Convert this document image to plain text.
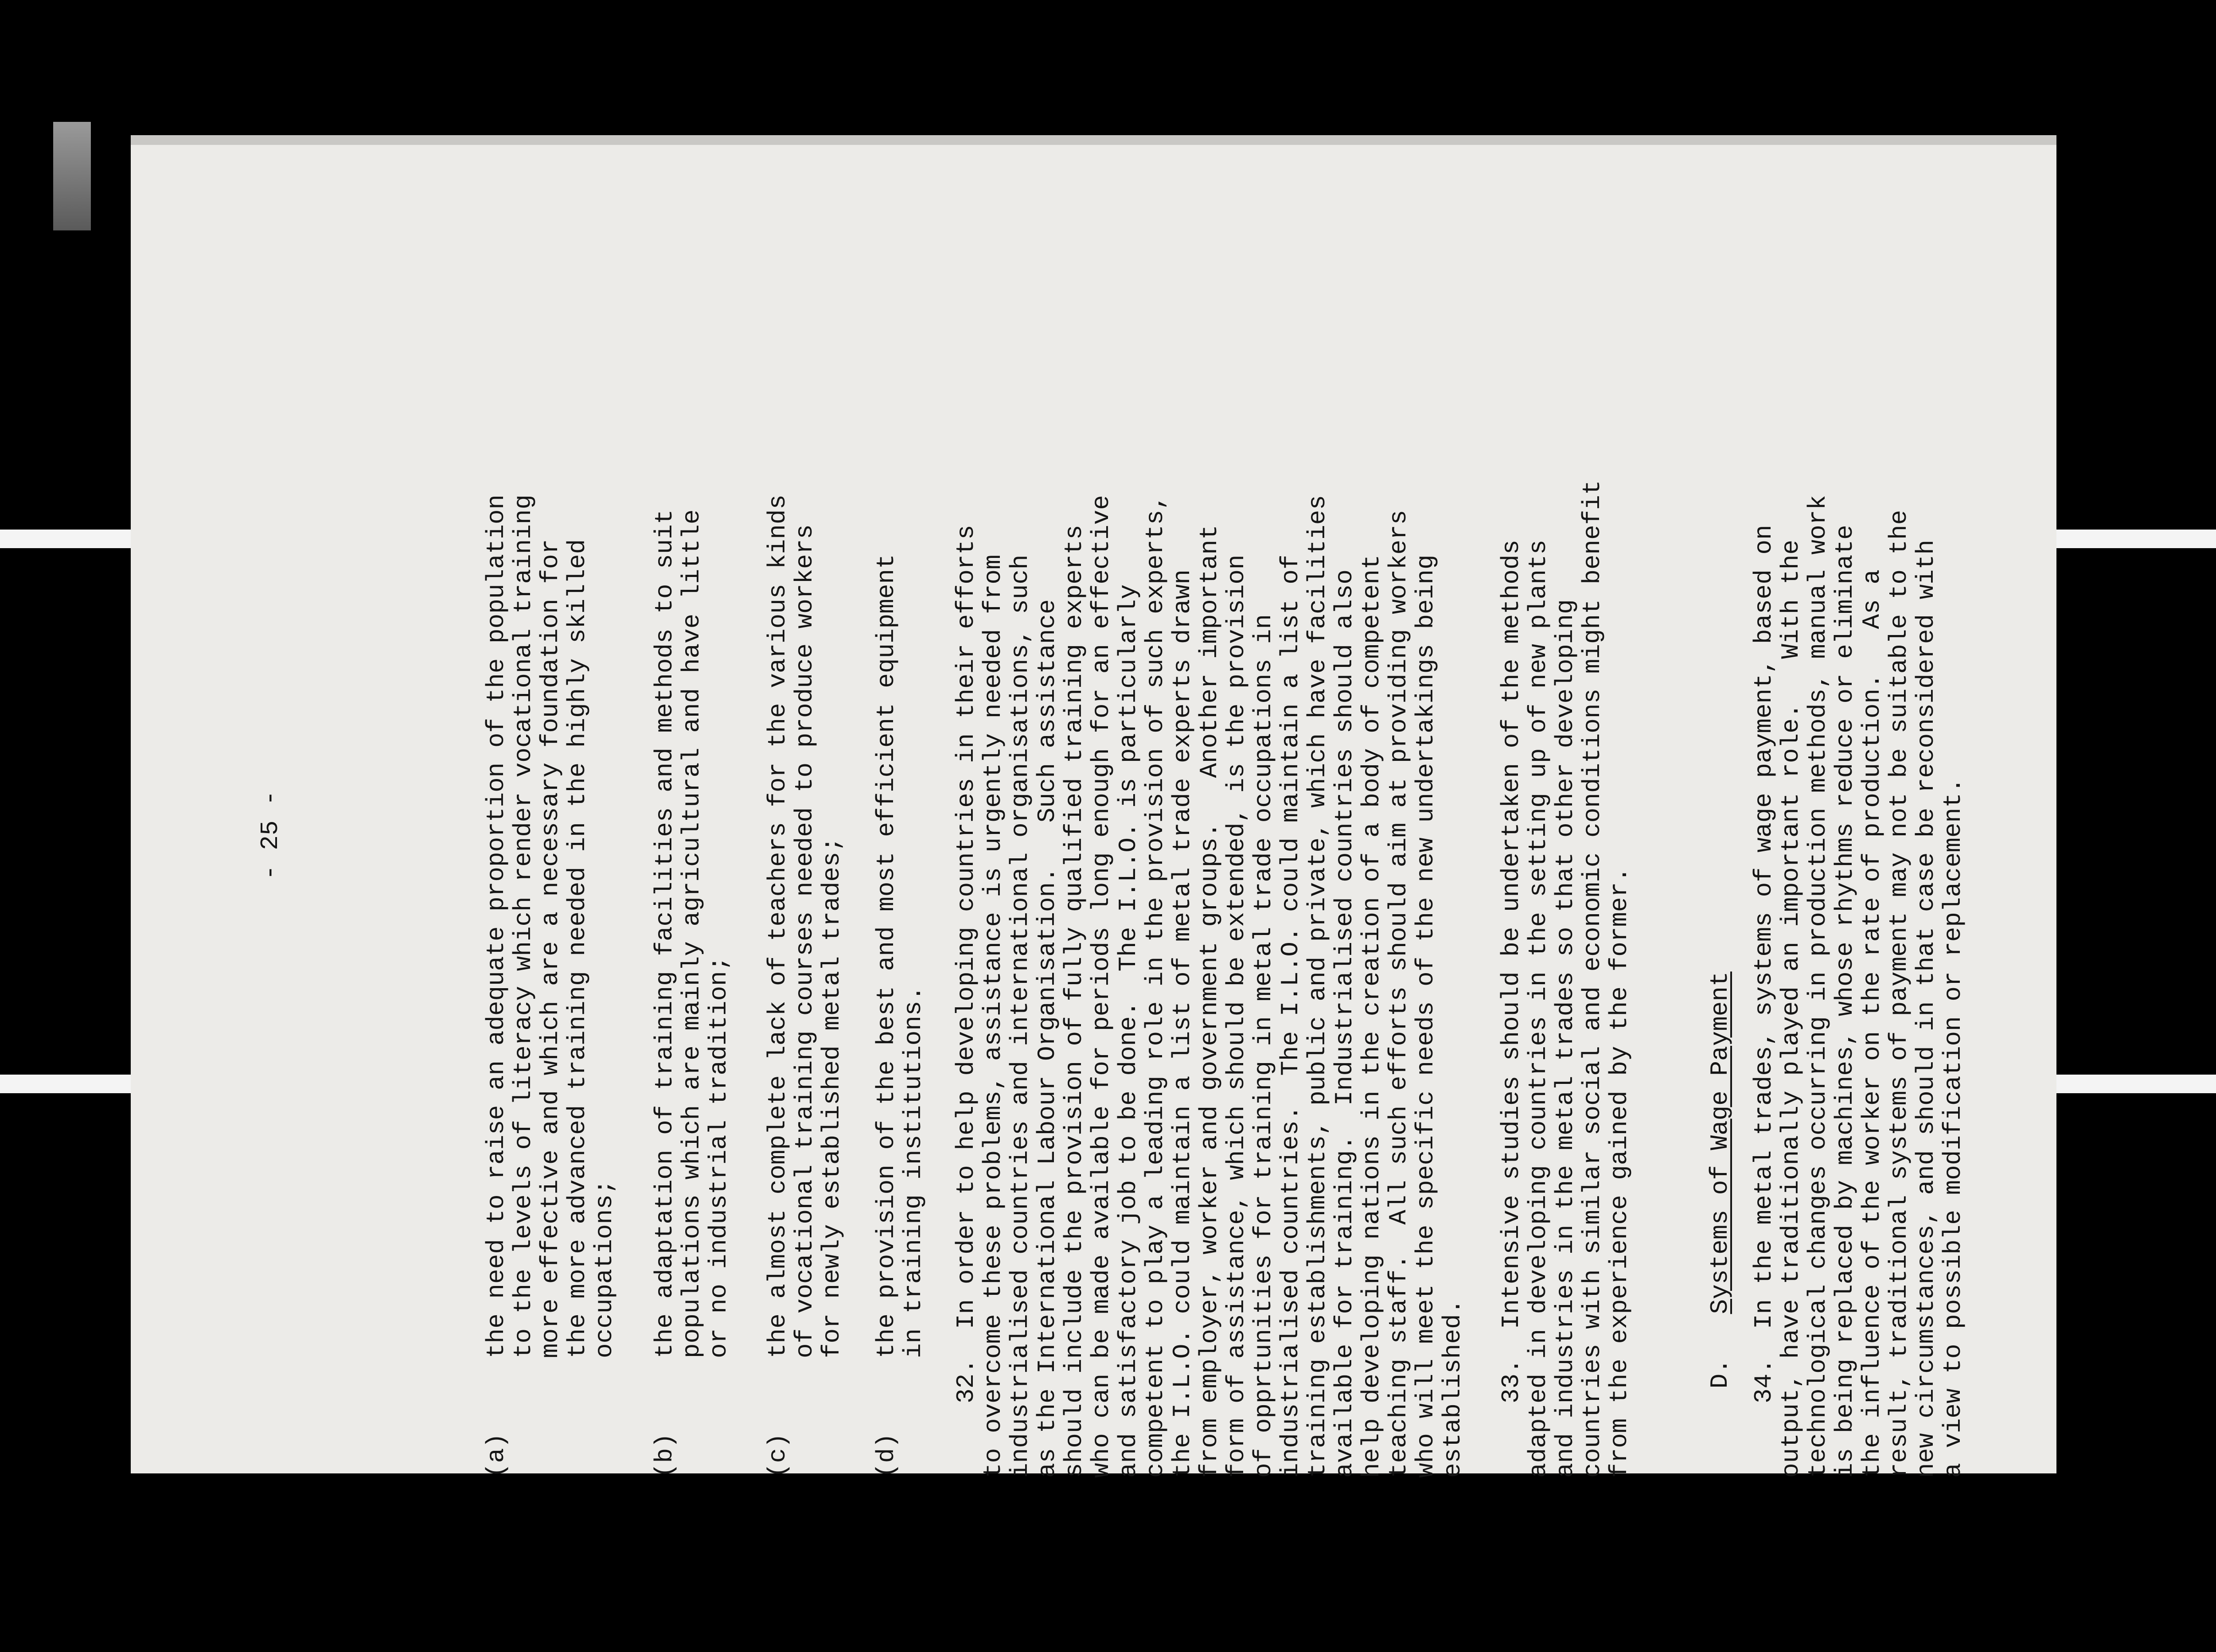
- 25 -
(a)
the need to raise an adequate proportion of the population
to the levels of literacy which render vocational training
more effective and which are a necessary foundation for
the more advanced training needed in the highly skilled
occupations;
(b)
the adaptation of training facilities and methods to suit
populations which are mainly agricultural and have little
or no industrial tradition;
(c)
the almost complete lack of teachers for the various kinds
of vocational training courses needed to produce workers
for newly established metal trades;
(d)
the provision of the best and most efficient equipment
in training institutions.
32.  In order to help developing countries in their efforts
to overcome these problems, assistance is urgently needed from
industrialised countries and international organisations, such
as the International Labour Organisation.   Such assistance
should include the provision of fully qualified training experts
who can be made available for periods long enough for an effective
and satisfactory job to be done.  The I.L.O. is particularly
competent to play a leading role in the provision of such experts,
the I.L.O. could maintain a list of metal trade experts drawn
from employer, worker and government groups.   Another important
form of assistance, which should be extended, is the provision
of opprtunities for training in metal trade occupations in
industrialised countries.  The I.L.O. could maintain a list of
training establishments, public and private, which have facilities
available for training.  Industrialised countries should also
help developing nations in the creation of a body of competent
teaching staff.  All such efforts should aim at providing workers
who will meet the specific needs of the new undertakings being
established. 33.  Intensive studies should be undertaken of the methods
adapted in developing countries in the setting up of new plants
and industries in the metal trades so that other developing
countries with similar social and economic conditions might benefit
from the experience gained by the former.

D.   Systems of Wage Payment

34.  In the metal trades, systems of wage payment, based on
output, have traditionally played an important role.   With the
technological changes occurring in production methods, manual work
is being replaced by machines, whose rhythms reduce or eliminate
the influence of the worker on the rate of production.   As a
result, traditional systems of payment may not be suitable to the
new circumstances, and should in that case be reconsidered with
a view to possible modification or replacement.
